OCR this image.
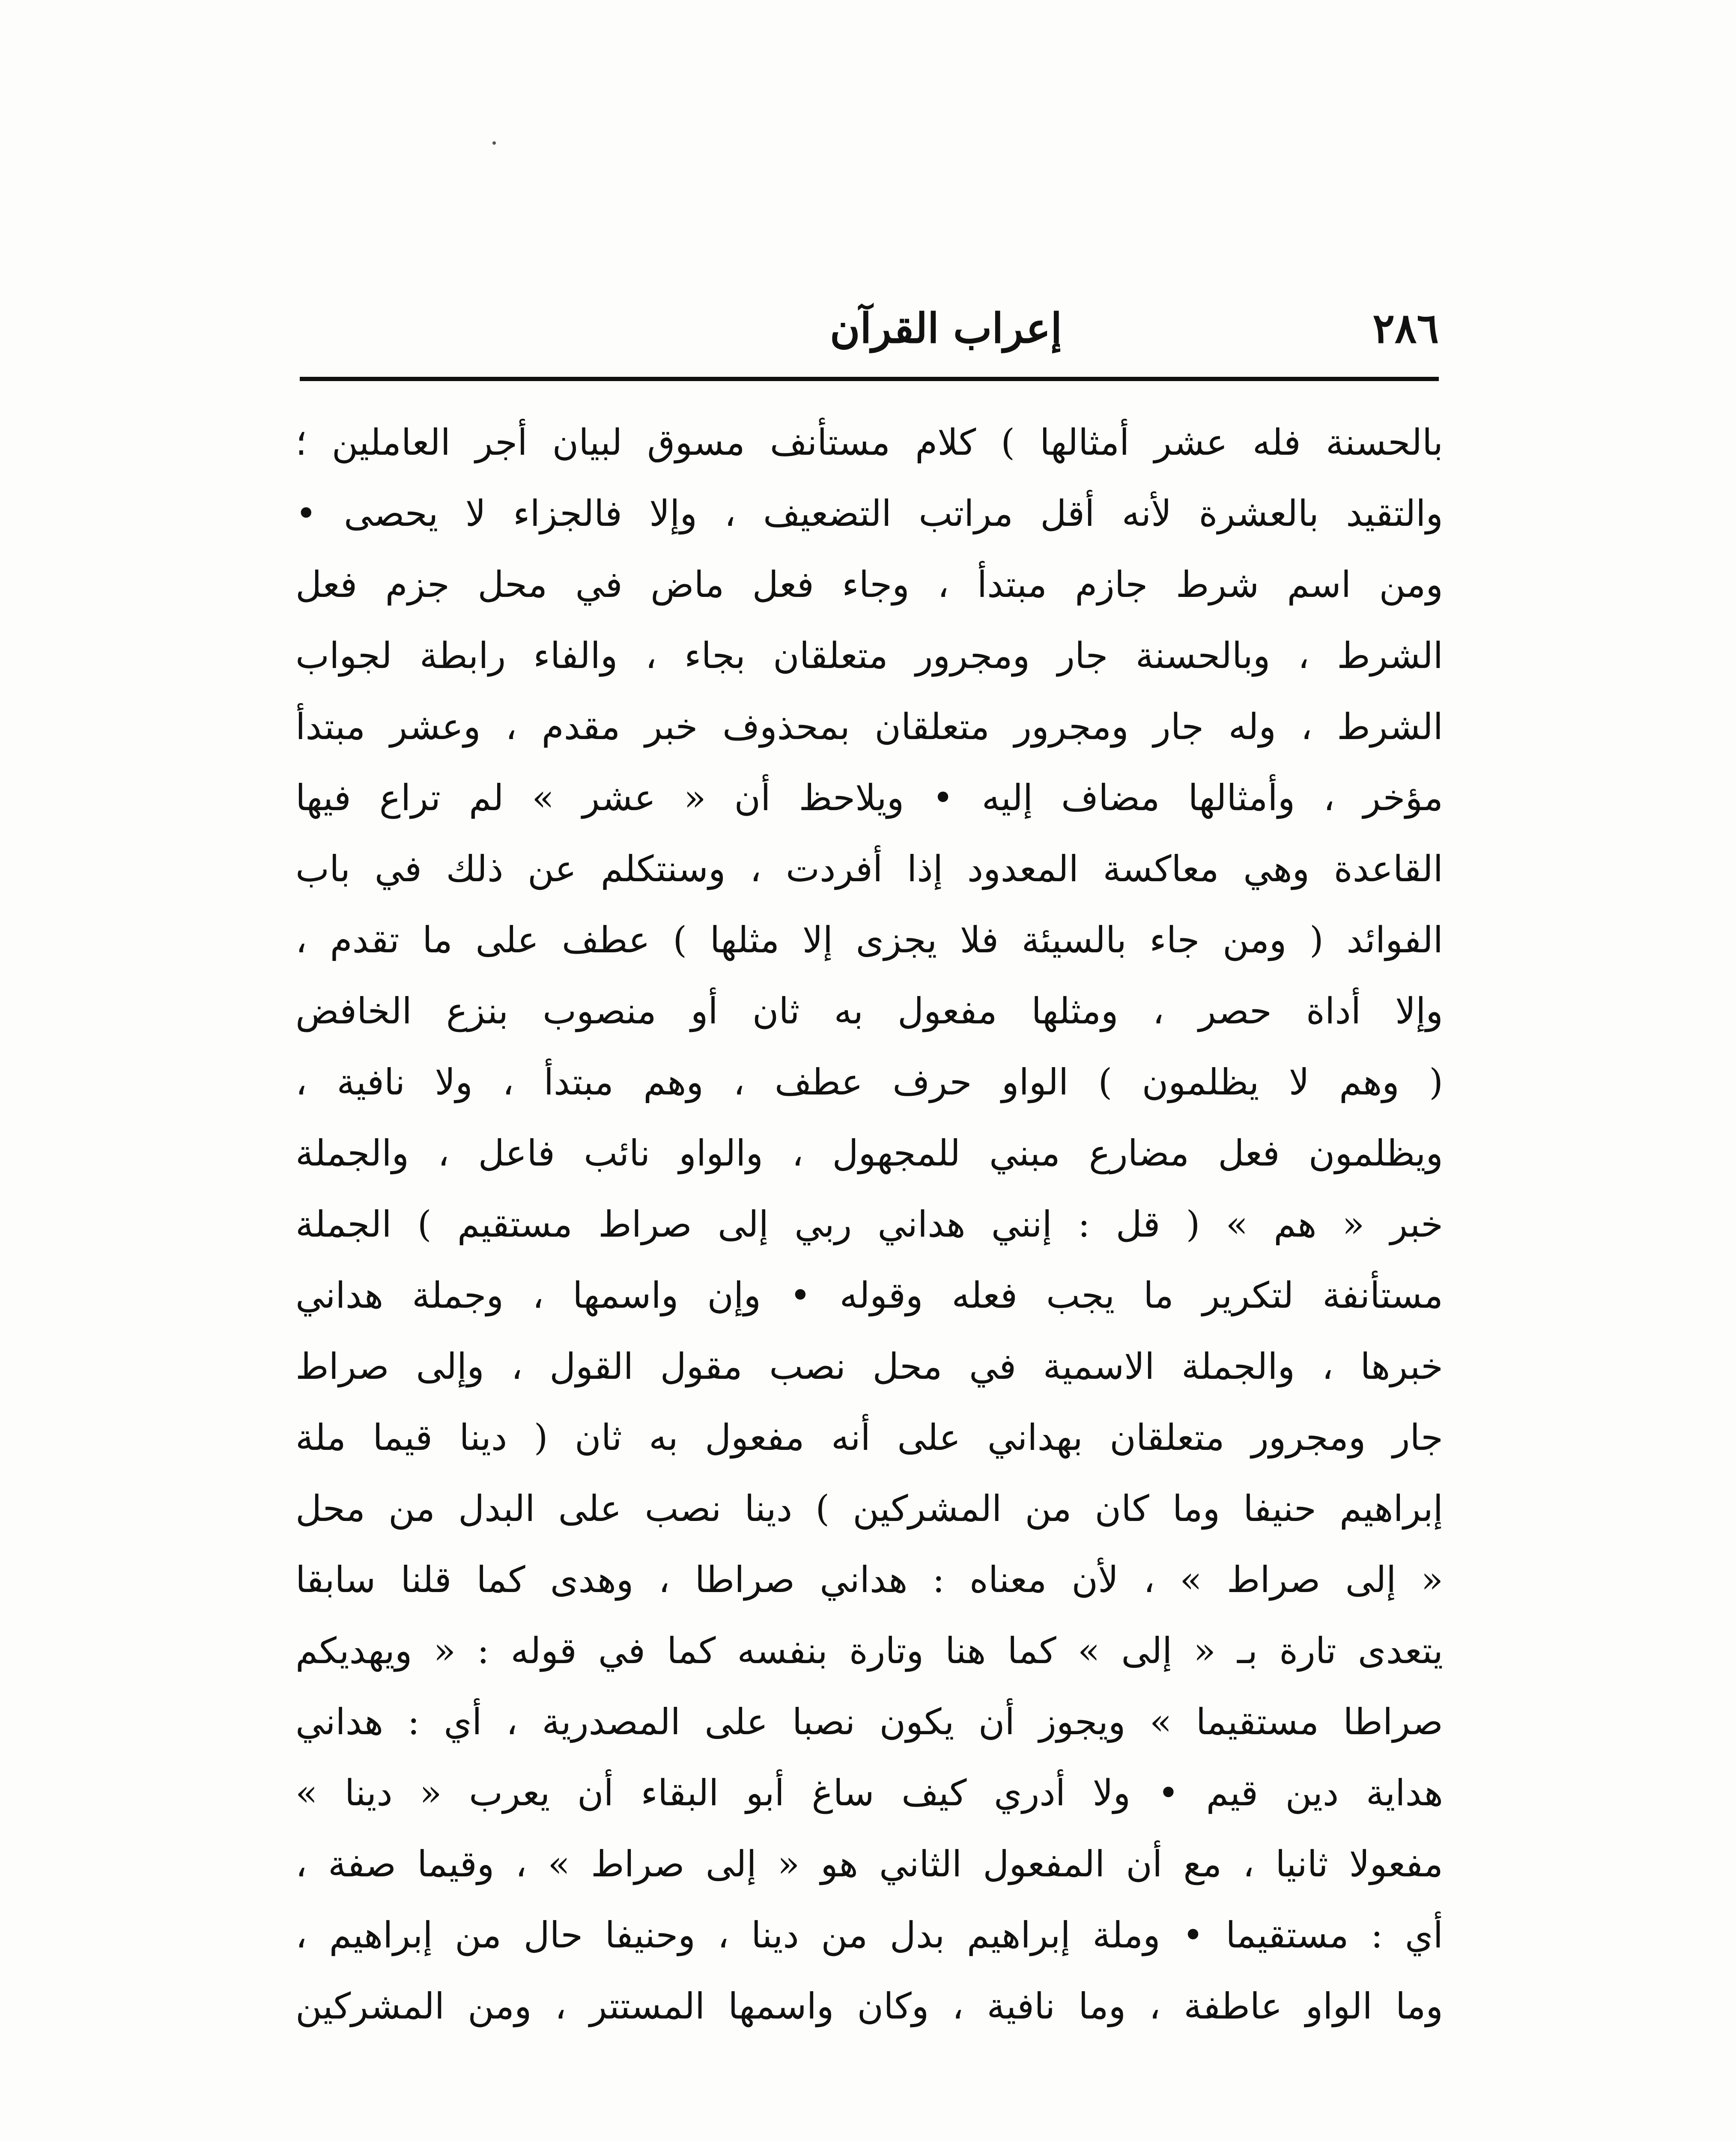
٢٨٦
إعراب القرآن
بالحسنة فله عشر أمثالها ) كلام مستأنف مسوق لبيان أجر العاملين ؛
والتقيد بالعشرة لأنه أقل مراتب التضعيف ، وإلا فالجزاء لا يحصى •
ومن اسم شرط جازم مبتدأ ، وجاء فعل ماض في محل جزم فعل
الشرط ، وبالحسنة جار ومجرور متعلقان بجاء ، والفاء رابطة لجواب
الشرط ، وله جار ومجرور متعلقان بمحذوف خبر مقدم ، وعشر مبتدأ
مؤخر ، وأمثالها مضاف إليه • ويلاحظ أن « عشر » لم تراع فيها
القاعدة وهي معاكسة المعدود إذا أفردت ، وسنتكلم عن ذلك في باب
الفوائد ( ومن جاء بالسيئة فلا يجزى إلا مثلها ) عطف على ما تقدم ،
وإلا أداة حصر ، ومثلها مفعول به ثان أو منصوب بنزع الخافض
( وهم لا يظلمون ) الواو حرف عطف ، وهم مبتدأ ، ولا نافية ،
ويظلمون فعل مضارع مبني للمجهول ، والواو نائب فاعل ، والجملة
خبر « هم » ( قل : إنني هداني ربي إلى صراط مستقيم ) الجملة
مستأنفة لتكرير ما يجب فعله وقوله • وإن واسمها ، وجملة هداني
خبرها ، والجملة الاسمية في محل نصب مقول القول ، وإلى صراط
جار ومجرور متعلقان بهداني على أنه مفعول به ثان ( دينا قيما ملة
إبراهيم حنيفا وما كان من المشركين ) دينا نصب على البدل من محل
« إلى صراط » ، لأن معناه : هداني صراطا ، وهدى كما قلنا سابقا
يتعدى تارة بـ « إلى » كما هنا وتارة بنفسه كما في قوله : « ويهديكم
صراطا مستقيما » ويجوز أن يكون نصبا على المصدرية ، أي : هداني
هداية دين قيم • ولا أدري كيف ساغ أبو البقاء أن يعرب « دينا »
مفعولا ثانيا ، مع أن المفعول الثاني هو « إلى صراط » ، وقيما صفة ،
أي : مستقيما • وملة إبراهيم بدل من دينا ، وحنيفا حال من إبراهيم ،
وما الواو عاطفة ، وما نافية ، وكان واسمها المستتر ، ومن المشركين
